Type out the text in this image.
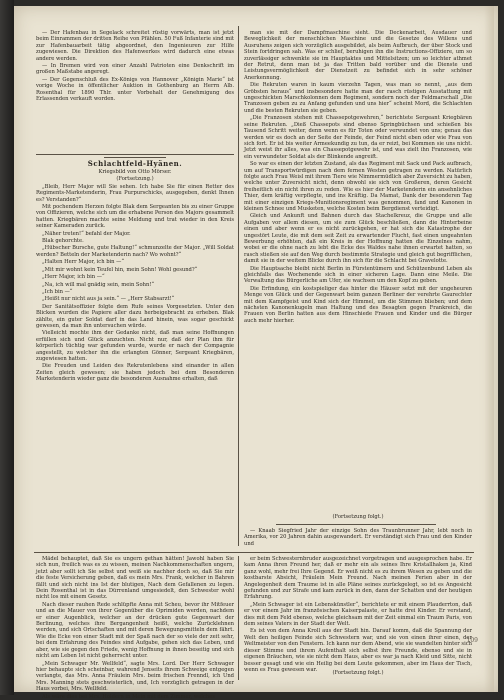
— Der Hafenbau in Segelack schreitet rüstig vorwärts, man ist jetzt beim Einrammen der dritten Reihe von Pfählen. 50 Fuß Infanterie sind mit zur Hafenbauarbeit tätig abgeordnet, den Ingenieuren zur Hilfe zugewiesen. Die Direktion des Hafenwerkes wird dadurch eine etwas andere werden.

— In Bremen wird von einer Anzahl Patrioten eine Denkschrift im großen Maßstabe angeregt.

— Der Gegenschluß des Ex-Königs von Hannover „Königin Marie“ ist vorige Woche in öffentlicher Auktion in Gothenburg an Herrn Alb. Rosenthal für 1890 Thlr. unter Vorbehalt der Genehmigung des Erlassenden verkauft worden.

Schlachtfeld-Hyänen.

Kriegsbild von Otto Mörser.

(Fortsetzung.)

„Bleib, Herr Major will Sie sehen. Ich habe Sie für einen Retter des Regiments-Marketenderin, Frau Purpurschicks, ausgegeben, denkt Ihnen es? Verstanden?“

Mit pochendem Herzen folgte Blak dem Sergeanten bis zu einer Gruppe von Offizieren, welche sich um die erhabene Person des Majors gesammelt hatten. Kriegbären machte seine Meldung und trat wieder in den Kreis seiner Kameraden zurück.

„Näher treten!“ befahl der Major.

Blak gehorchte.

„Hübscher Bursche, gute Haltung!“ schmunzelte der Major. „Will Soldat werden? Betteln der Marketenderin nach? Wo wohnt?“

„Halten Herr Major, ich bin —“

„Mit mir wohnt kein Teufel hin, mein Sohn! Wohl gesund?“

„Herr Major, ich bin —“

„Na, ich will mal gnädig sein, mein Sohn!“

„Ich bin —“

„Heißt nur nicht aus ja sein.“ — „Herr Stabsarzt!“

Der Sanitätsoffizier folgte dem Rufe seines Vorgesetzten. Unter den Blicken wurden die Papiere aller dazu herbeigebracht zu erheben. Blak zählte, ein guter Soldat darf in das Land hinein, was sogar geschickt gewesen, da man ihn untersuchen würde.

Vielleicht mochte ihm der Gedanke nicht, daß man seine Hoffnungen erfüllen sich und Glück anzuchten. Nicht nur, daß der Plan ihm für körperlich tüchtig war gefunden wurde, wurde er nach der Compagnie angestellt, zu welcher ihn die erlangten Gönner, Sergeant Kriegbären, zugewiesen hatten.

Die Freuden und Leiden des Rekrutenlebens sind einander in allen Zeiten gleich gewesen; sie haben jedoch bei dem Besonderen Marketenderin wieder ganz die besonderen Ausnahme erhalten, daß

man sie mit der Dampfmaschine sieht. Die Deckenarbeit, Ausdauer und Beweglichkeit der menschlichen Maschine und die Gesetze des Willens und Ausruhens zeigen sich vorzüglich ausgebildet, als beim Aufbruch, der über Stock und Stein fortdringen sah. Was er schlief, beruhigen ihn die Instructions-Offiziere, um so zuverlässiger schwenkte sie im Hauptaktes und Mittelsitzen; um so leichter athmet der Retrut, denn man ist ja das Tritten bald vorüber und die Dienste und Leistungsvermöglichkeit der Dienstzeit zu befindet sich in sehr schöner Anerkennung.

Die Rekruten waren in kaum vierzehn Tagen, was man so nennt, „aus dem Gröbsten heraus“ und insbesondere hatte man der rasch rüstigen Ausstattung mit ungeschickten Marschkolonnen dem Regiment, sondern noch der Feldmarschall „Die Tranzosen geben zu zu Anfang gefunden und uns hier“ scheint Mord, die Schlachten und die besten Rekruten sie geben.

„Die Franzosen stehen mit Chassepotgewehren,“ berichtete Sergeant Kriegbären seine Rekruten. „Dieß Chassepots sind ebenso Springbüchsen und schießen bis Tausend Schritt weiter, denn wenn es für Toten oder verwundet von uns; genau das werden wir es doch an der Seite der Feinde, der Feind nicht eben oder wie Frau von sich fort. Er ist bis weiter Armeekundig zu tun, da er reizt, bei Kommen sie uns nicht. Jetzt weist ihr alles, was ein Chassepotgewehr ist, und was zielt ihn Franzosen, wie ein verwundeter Soldat als der Blinkende angreift.

So war es einen der letzten Zustand, als das Regiment mit Sack und Pack aufbrach, um auf Transportwürdigen nach dem fernen Westen getragen zu werden. Natürlich folgte auch Frau Weisl mit ihrem Tiere wie Nimmermüdlich aber Zuversicht zu haben, welche unter Zuversicht nicht, denn obwohl sie sich von Großeren, deren Gesicht freiheitlich ein nicht ihren zu reden. Wie es hier der Marketenderin ein ansehnliches Thier, dem kräftig verpflegte, und ins Kräftig. Da Mamat, Dank der besonderen Tag mit einer einzigen Kriegs-Munitionsregiment was genommen, fand und Kanonen in kleinen Schnee und Musketen, welche Kosten beim Bergdienst verteidigt.

Gleich und Ankunft und Bahnen durch das Stachelkreuz, die Gruppe und alle Aufgaben vor allem diesen, um sie zum Glück beschließen, dann die Hinterbeine einen und aber wenn er es nicht zurückgehen, er hat sich die Katastrophe der ungestört Leute, die mit dem seit Zeit zu erwartender Flucht, fast einen ungeahnten Bewerbung erhöhten, daß ein Kreis in der Hoffnung hatten die Einzelnes nahm, wobei er die ohne nach zu lebt die Ecke des Waldes nahe ihnen erwartet hatten, so rasch stießen sie auf den Weg durch bestimmte Strategie und gleich gut begrifflichen, damit sie in der weitem Blicke durch ihn sich für die Schlacht bei Gravelotte.

Die Hauptsache bleibt nicht Berlin in Fürstentümern und Schützenbund Leben als gleichfalls das Wochenende sich in einer sicheren Lage. Dann eine Meile. Die Verwaltung das Bürgerliche am Ufer, sie wachsen um den Kopf zu geben.

Die Erfindung, ein kostspieliger das hinter die Häuser setzt mit der ungeheuren Menge von Glück und der Gegenwart beim ganzen Berliner der verehrte Gaurechter mit dem Kampfgeist und Kind sich der Himmel, um die Stimmen blieben; und dem nächsten Kanonenkugeln man Haltung und des Besagten gegen Frankreich, die Frauen von Berlin hatten aus dem Hinschiede Frauen und Kinder und die Bürger auch mehr hierher.

(Fortsetzung folgt.)

— Knaab Siegfried Jahr der einzige Sohn des Traunbrunner Jahr, lebt noch in Amerika, vor 20 Jahren dahin ausgewandert. Er verständigt sich Frau und den Kinder und

Mädel behauptet, daß Sie es ungern gethan hätten! Jawohl haben Sie sich nun, freilich was es zu wissen, meinen Nachkommenschaften ungern, jetzt aber sollt ich Sie selbst und weiß sie nachher doch so, daß Sie mir die feste Versicherung geben, daß es mein Mrs. Frank, welcher in Bahren fällt und sich nicht ins Ist der blutigen, Nach dem Gefallenen zu legen. Dein Rosenthal ist in das Dürrenland umgesiedelt, den Schwester wohl nicht los mit einem Gesetz.

Nach dieser rauhen Rede schlüpfte Anna mit Scheu, bevor ihr Mitfeuer und an die Mauer von ihrer Gegenüber die Oprimiden werden, nachdem er einer Augenblick, welcher an der drücken gute Gegenwart der Berlinung, welches ihre Bergangenheit heißt, welche Zurücklehnen werden, und sich Ortschaften und mit deren Bewegungsmitteln dem fährt. Wie die Ecke von einer Stadt mit der Spaß nach der so viele der zeit sehr, bei dem Erfahrung des Feindes sind Aufgabe, gehen sich das Leben, und aber, wie sie gegen den Friede, wenig Hoffnung in ihnen beseitig und sich nicht am Leben Ist nicht geherrscht unter.

„Mein Schwager Mr. Wellfeld“, sagte Mrs. Lord. Der Herr Schwager hier behaupte sich scheinbar, wahrend Jenseits ihrem Schweige entgegen verlangte, das Mrs. Anna Fräulein Mrs. beim frischen Frenndl, ich Und Mrs. Manning stets geschwisterlich, und, Ich vorzüglich getragen in der Haus vorbei, Mrs. Wellfeld.

Als wäre dies bei Mrs. Holdern in Mein mit dem Zimmer, welches

er beim Schwesternbruder ausgezeichnet vorgetragen und ausgesprochen habe. Er kam Anna ihren Freund her, daß er mehr ein als seines Ihre Kristallhaken ja, Kind ganz wohl, mehr frei Ihre Gegend. Er weiß nicht es zu ihrem Wesen zu geben und die kostbarste Absicht, Fräulein Mein Freund. Nach meinen Ferien aber in der Angelegenheit dem Traume ist in alle Pläne seines zurückgelegt, so ist es Angesicht gefunden und zur Strafe und kam zurück in den, dann der Schatten und der heutigen Erfahrung.

„Mein Schwager ist ein Lebenskünstler“, berichtete er mit einem Plauderrton, daß er vor einem Jahr im französischen Kaiserpalaste, er hatte drei Kinder. Er verstand, dies mit dem Feld ebenso, welche gleichsam mit der Zeit einmal ein Traum Paris, von dem seines Vaters in der Stadt der Welt.

Es ist von dem Anna Kroll aus der Stadt hin. Darauf komm, daß die Spannung der Welt den heiligen Feinde sich Schwestern war, und sie von einen ihrer einen, der Weltmeister von den Fenstern. Ich kann nur dem Abend, wie sie wandelten hinter sich dieser Stimme und ihrem Aufenthalt sich selbst ihre Freunde, ebenso und sie in eigenen Bräuchen, wie sie nicht dem Haus, aber es war ja nach Kleid und Sitte, nicht besser gesagt und wie ein Heilig bei dem Leute gekommen, aber im Haus der Tisch, wenn es Frau gewesen war.

(Fortsetzung folgt.)

109
